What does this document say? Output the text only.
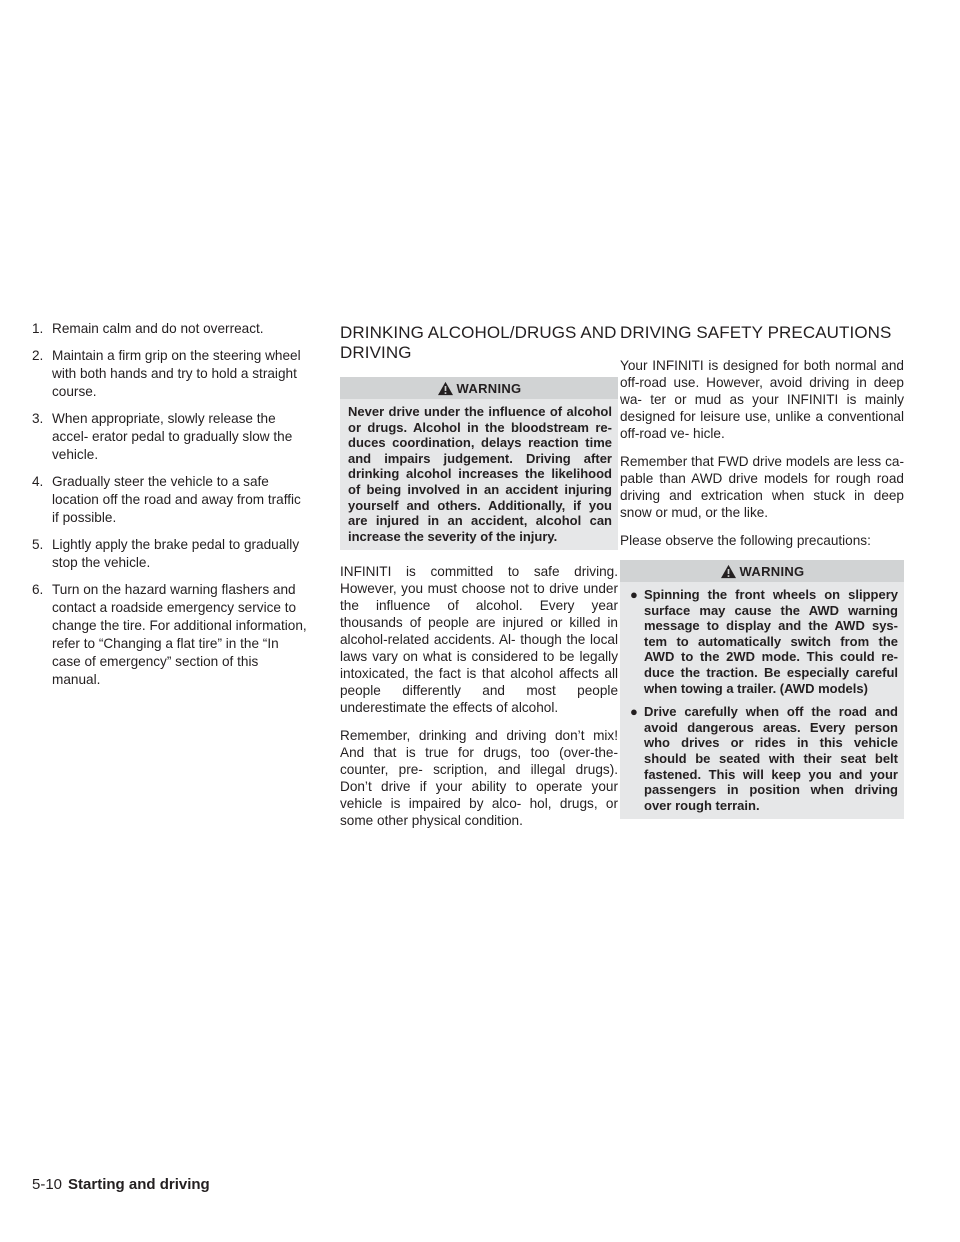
1. Remain calm and do not overreact.
2. Maintain a firm grip on the steering wheel with both hands and try to hold a straight course.
3. When appropriate, slowly release the accel- erator pedal to gradually slow the vehicle.
4. Gradually steer the vehicle to a safe location off the road and away from traffic if possible.
5. Lightly apply the brake pedal to gradually stop the vehicle.
6. Turn on the hazard warning flashers and contact a roadside emergency service to change the tire. For additional information, refer to “Changing a flat tire” in the “In case of emergency” section of this manual.
DRINKING ALCOHOL/DRUGS AND DRIVING
WARNING
Never drive under the influence of alcohol or drugs. Alcohol in the bloodstream re- duces coordination, delays reaction time and impairs judgement. Driving after drinking alcohol increases the likelihood of being involved in an accident injuring yourself and others. Additionally, if you are injured in an accident, alcohol can increase the severity of the injury.

INFINITI is committed to safe driving. However, you must choose not to drive under the influence of alcohol. Every year thousands of people are injured or killed in alcohol-related accidents. Al- though the local laws vary on what is considered to be legally intoxicated, the fact is that alcohol affects all people differently and most people underestimate the effects of alcohol.

Remember, drinking and driving don’t mix! And that is true for drugs, too (over-the-counter, pre- scription, and illegal drugs). Don’t drive if your ability to operate your vehicle is impaired by alco- hol, drugs, or some other physical condition.

DRIVING SAFETY PRECAUTIONS

Your INFINITI is designed for both normal and off-road use. However, avoid driving in deep wa- ter or mud as your INFINITI is mainly designed for leisure use, unlike a conventional off-road ve- hicle.

Remember that FWD drive models are less ca- pable than AWD drive models for rough road driving and extrication when stuck in deep snow or mud, or the like.

Please observe the following precautions:

WARNING
● Spinning the front wheels on slippery surface may cause the AWD warning message to display and the AWD sys- tem to automatically switch from the AWD to the 2WD mode. This could re- duce the traction. Be especially careful when towing a trailer. (AWD models)
● Drive carefully when off the road and avoid dangerous areas. Every person who drives or rides in this vehicle should be seated with their seat belt fastened. This will keep you and your passengers in position when driving over rough terrain.
5-10 Starting and driving
